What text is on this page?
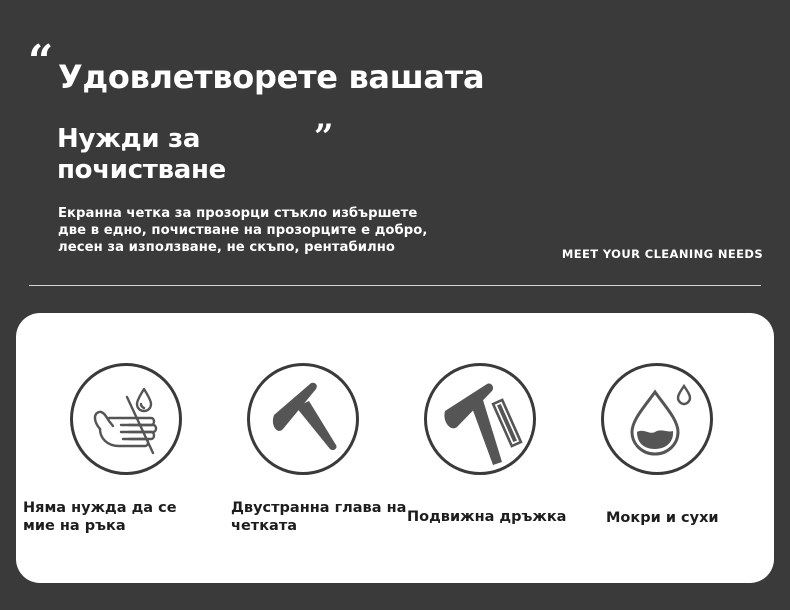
“ Удовлетворете вашата
Нужди за почистване
”
Екранна четка за прозорци стъкло избършете две в едно, почистване на прозорците е добро, лесен за използване, не скъпо, рентабилно	MEET YOUR CLEANING NEEDS
Няма нужда да се мие на ръка
Двустранна глава на четката
Подвижна дръжка	Мокри и сухи
